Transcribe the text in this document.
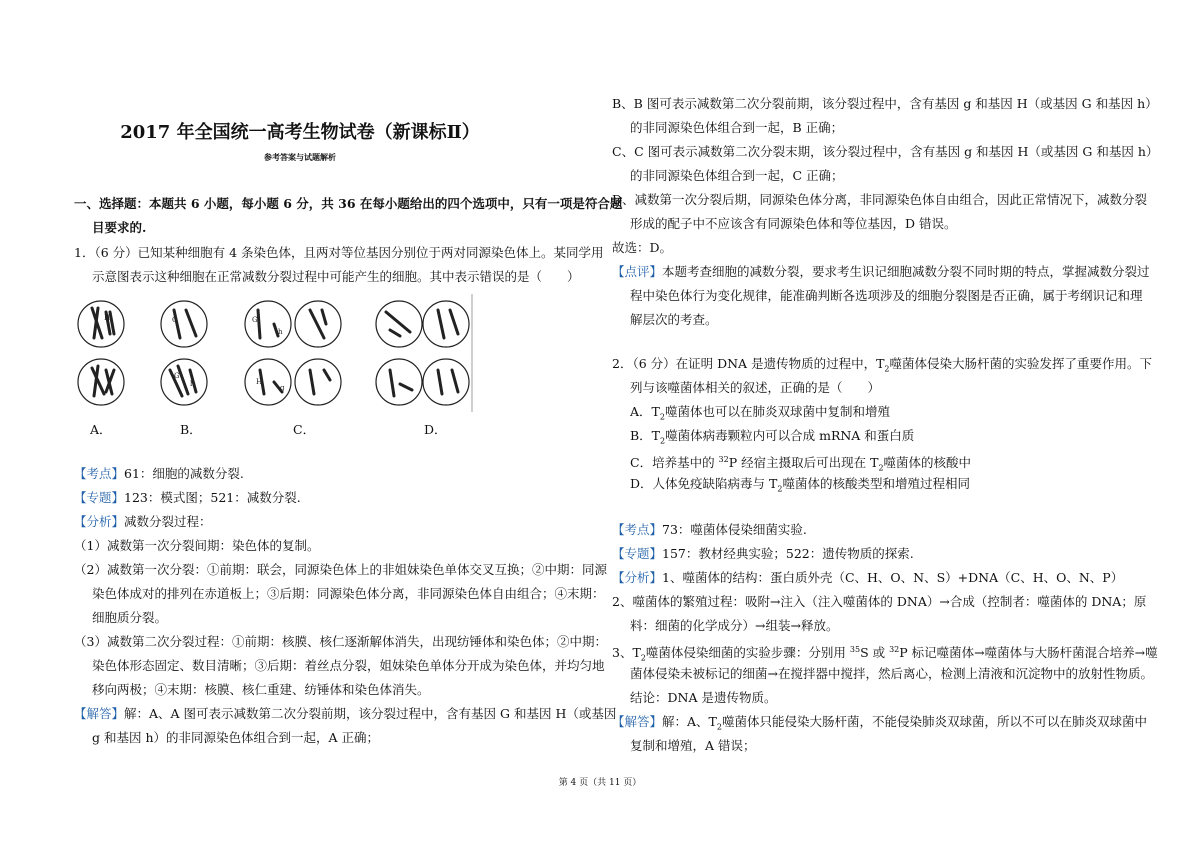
2017 年全国统一高考生物试卷（新课标Ⅱ）
参考答案与试题解析
一、选择题：本题共 6 小题，每小题 6 分，共 36 在每小题给出的四个选项中，只有一项是符合题
目要求的.
1．（6 分）已知某种细胞有 4 条染色体，且两对等位基因分别位于两对同源染色体上。某同学用
示意图表示这种细胞在正常减数分裂过程中可能产生的细胞。其中表示错误的是（　　）
H	G	G
h
H
g
G
h
A．	B．	C．	D．
【考点】61：细胞的减数分裂.
【专题】123：模式图；521：减数分裂.
【分析】减数分裂过程：
（1）减数第一次分裂间期：染色体的复制。
（2）减数第一次分裂：①前期：联会，同源染色体上的非姐妹染色单体交叉互换；②中期：同源
染色体成对的排列在赤道板上；③后期：同源染色体分离，非同源染色体自由组合；④末期：
细胞质分裂。
（3）减数第二次分裂过程：①前期：核膜、核仁逐渐解体消失，出现纺锤体和染色体；②中期：
染色体形态固定、数目清晰；③后期：着丝点分裂，姐妹染色单体分开成为染色体，并均匀地
移向两极；④末期：核膜、核仁重建、纺锤体和染色体消失。
【解答】解：A、A 图可表示减数第二次分裂前期，该分裂过程中，含有基因 G 和基因 H（或基因
g 和基因 h）的非同源染色体组合到一起，A 正确；
B、B 图可表示减数第二次分裂前期，该分裂过程中，含有基因 g 和基因 H（或基因 G 和基因 h）
的非同源染色体组合到一起，B 正确；
C、C 图可表示减数第二次分裂末期，该分裂过程中，含有基因 g 和基因 H（或基因 G 和基因 h）
的非同源染色体组合到一起，C 正确；
D、减数第一次分裂后期，同源染色体分离，非同源染色体自由组合，因此正常情况下，减数分裂
形成的配子中不应该含有同源染色体和等位基因，D 错误。
故选：D。
【点评】本题考查细胞的减数分裂，要求考生识记细胞减数分裂不同时期的特点，掌握减数分裂过
程中染色体行为变化规律，能准确判断各选项涉及的细胞分裂图是否正确，属于考纲识记和理
解层次的考查。
2．（6 分）在证明 DNA 是遗传物质的过程中，$T_2$噬菌体侵染大肠杆菌的实验发挥了重要作用。下
列与该噬菌体相关的叙述，正确的是（　　）
A．$T_2$噬菌体也可以在肺炎双球菌中复制和增殖
B．$T_2$噬菌体病毒颗粒内可以合成 mRNA 和蛋白质
C．培养基中的 $^{32}$P 经宿主摄取后可出现在 $T_2$噬菌体的核酸中
D．人体免疫缺陷病毒与 $T_2$噬菌体的核酸类型和增殖过程相同
【考点】73：噬菌体侵染细菌实验.
【专题】157：教材经典实验；522：遗传物质的探索.
【分析】1、噬菌体的结构：蛋白质外壳（C、H、O、N、S）+DNA（C、H、O、N、P）
2、噬菌体的繁殖过程：吸附→注入（注入噬菌体的 DNA）→合成（控制者：噬菌体的 DNA；原
料：细菌的化学成分）→组装→释放。
3、$T_2$噬菌体侵染细菌的实验步骤：分别用 $^{35}$S 或 $^{32}$P 标记噬菌体→噬菌体与大肠杆菌混合培养→噬
菌体侵染未被标记的细菌→在搅拌器中搅拌，然后离心，检测上清液和沉淀物中的放射性物质。
结论：DNA 是遗传物质。
【解答】解：A、$T_2$噬菌体只能侵染大肠杆菌，不能侵染肺炎双球菌，所以不可以在肺炎双球菌中
复制和增殖，A 错误；
第 4 页（共 11 页）
